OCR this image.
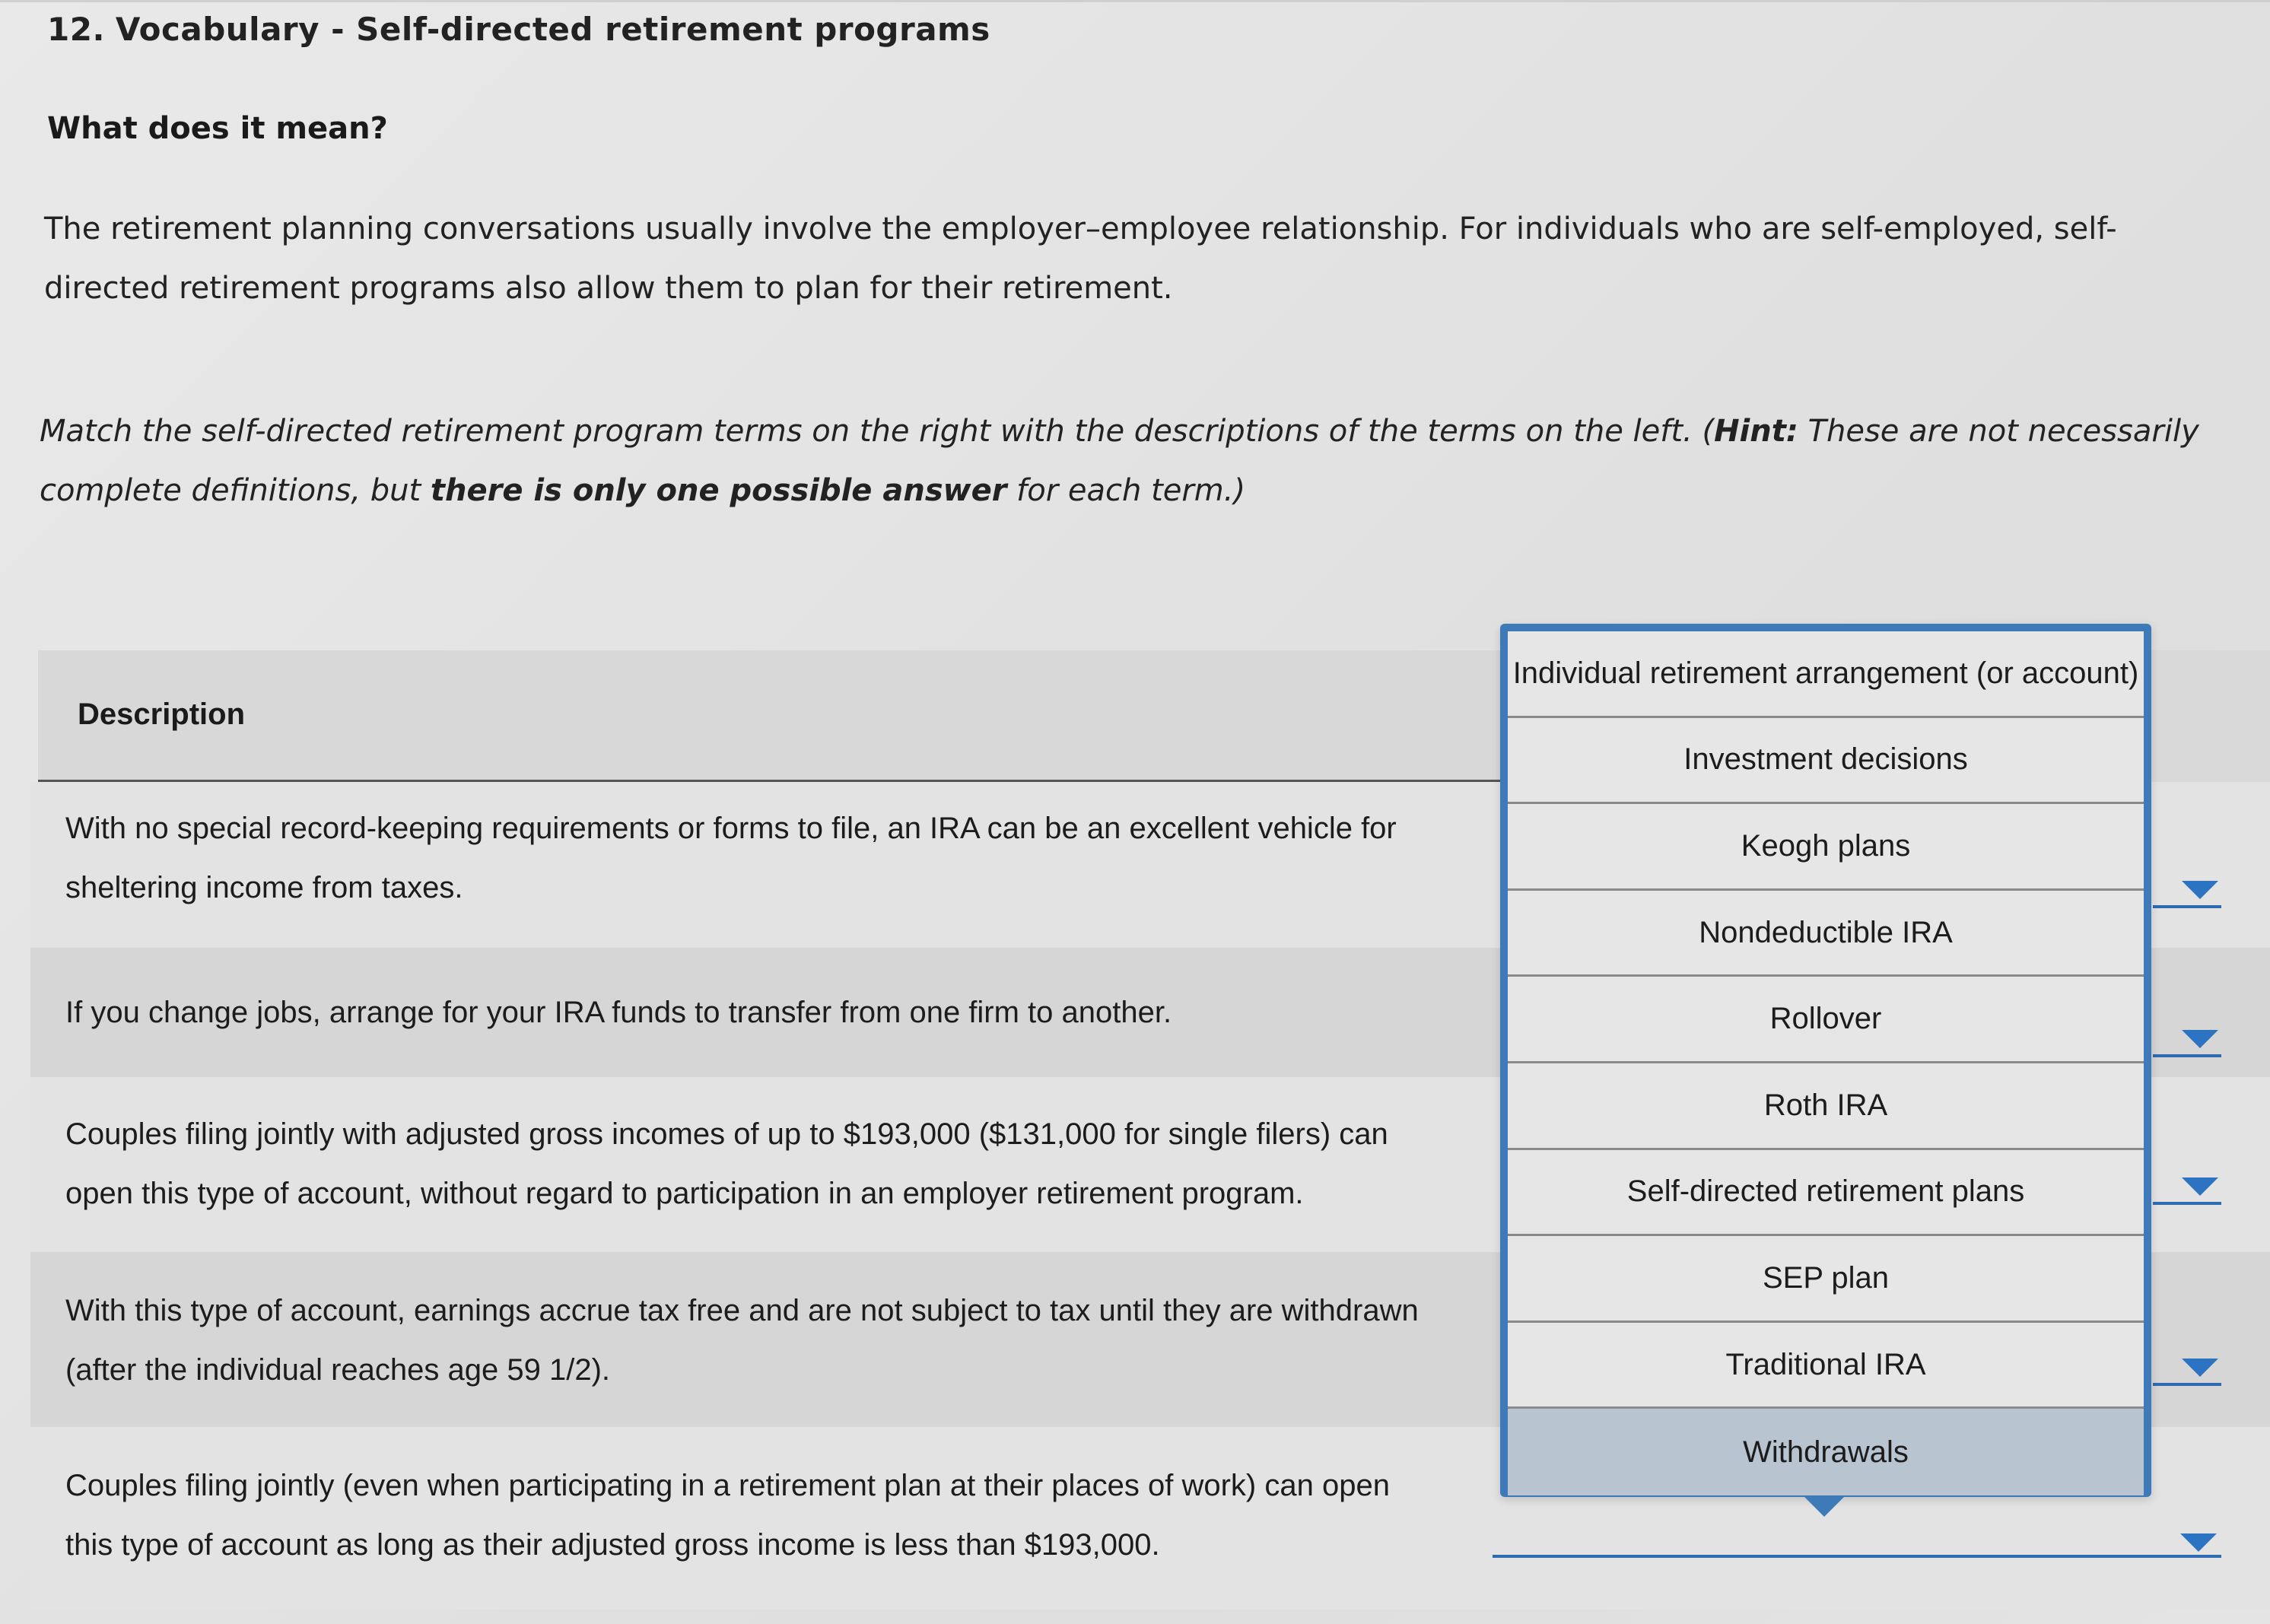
12. Vocabulary - Self-directed retirement programs
What does it mean?
The retirement planning conversations usually involve the employer–employee relationship. For individuals who are self-employed, self-directed retirement programs also allow them to plan for their retirement.
Match the self-directed retirement program terms on the right with the descriptions of the terms on the left. (Hint: These are not necessarily complete definitions, but there is only one possible answer for each term.)
Description
With no special record-keeping requirements or forms to file, an IRA can be an excellent vehicle for sheltering income from taxes.
If you change jobs, arrange for your IRA funds to transfer from one firm to another.
Couples filing jointly with adjusted gross incomes of up to $193,000 ($131,000 for single filers) can open this type of account, without regard to participation in an employer retirement program.
With this type of account, earnings accrue tax free and are not subject to tax until they are withdrawn (after the individual reaches age 59 1/2).
Couples filing jointly (even when participating in a retirement plan at their places of work) can open this type of account as long as their adjusted gross income is less than $193,000.
Individual retirement arrangement (or account)
Investment decisions
Keogh plans
Nondeductible IRA
Rollover
Roth IRA
Self-directed retirement plans
SEP plan
Traditional IRA
Withdrawals
